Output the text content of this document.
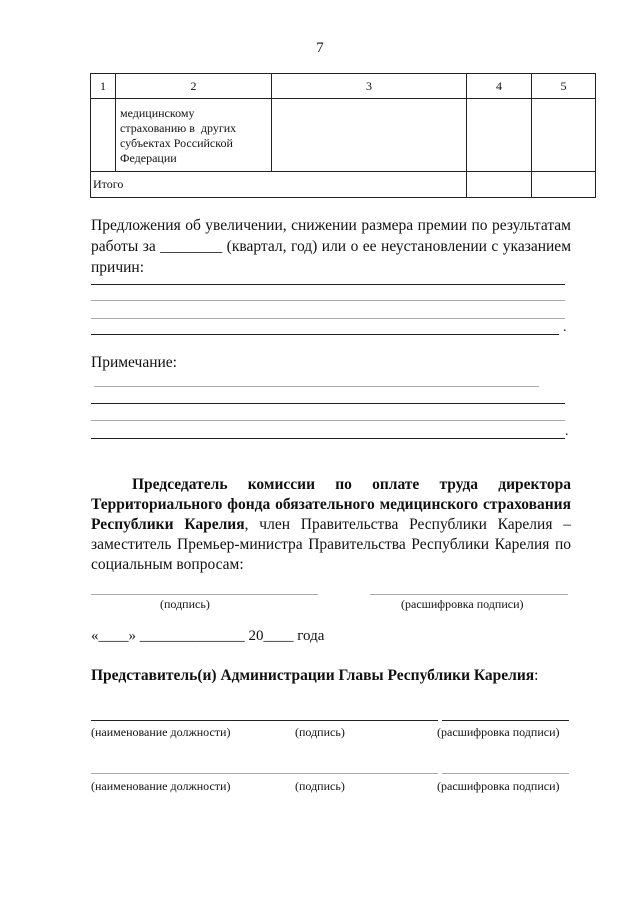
7
1	2	3	4	5

	медицинскому
страхованию в  других
субъектах Российской
Федерации			

Итого				

Предложения об увеличении, снижении размера премии по результатам работы за ________ (квартал, год) или о ее неустановлении с указанием причин:
.
Примечание:
.
Председатель комиссии по оплате труда директора Территориального фонда обязательного медицинского страхования Республики Карелия, член Правительства Республики Карелия – заместитель Премьер-министра Правительства Республики Карелия по социальным вопросам:
(подпись)	(расшифровка подписи)
«____» ______________ 20____ года
Представитель(и) Администрации Главы Республики Карелия:
(наименование должности)	(подпись)	(расшифровка подписи)
(наименование должности)	(подпись)	(расшифровка подписи)
